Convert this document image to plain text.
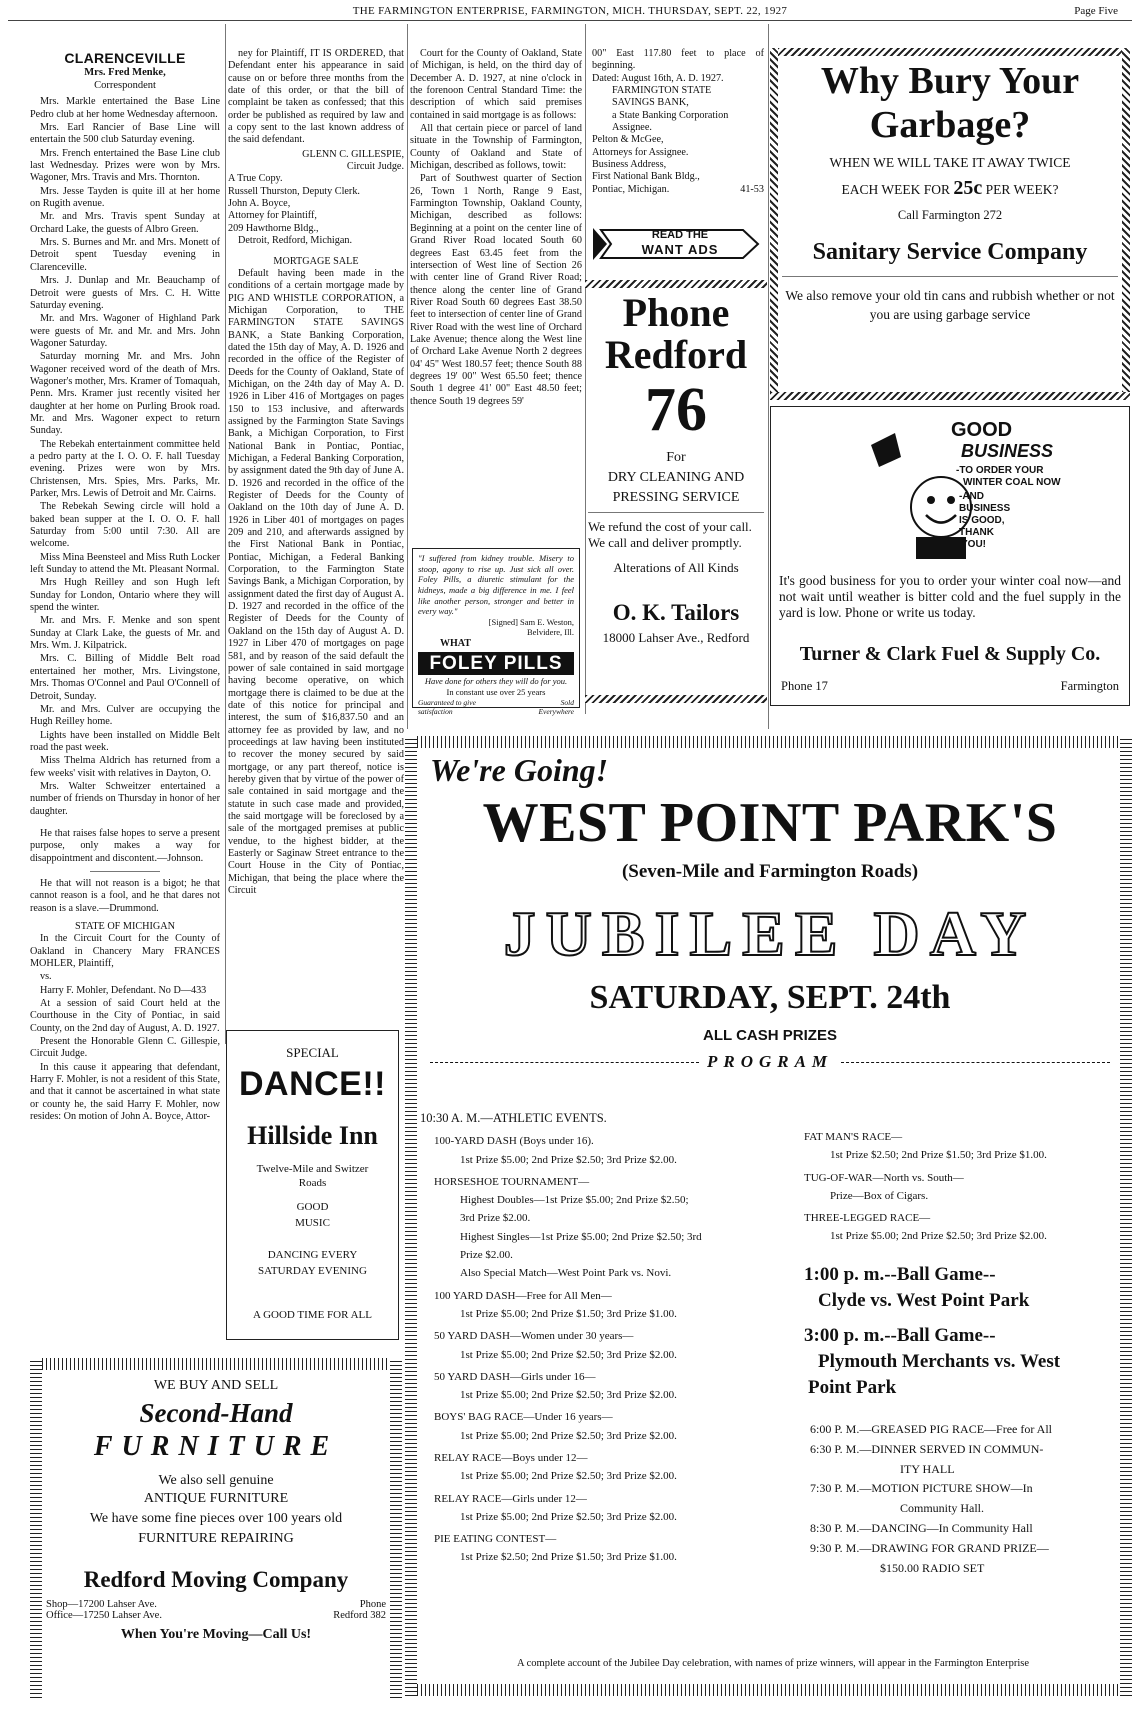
THE FARMINGTON ENTERPRISE, FARMINGTON, MICH. THURSDAY, SEPT. 22, 1927	Page Five
CLARENCEVILLE
Mrs. Fred Menke,
Correspondent

Mrs. Markle entertained the Base Line Pedro club at her home Wednesday afternoon.

Mrs. Earl Rancier of Base Line will entertain the 500 club Saturday evening.

Mrs. French entertained the Base Line club last Wednesday. Prizes were won by Mrs. Wagoner, Mrs. Travis and Mrs. Thornton.

Mrs. Jesse Tayden is quite ill at her home on Rugith avenue.

Mr. and Mrs. Travis spent Sunday at Orchard Lake, the guests of Albro Green.

Mrs. S. Burnes and Mr. and Mrs. Monett of Detroit spent Tuesday evening in Clarenceville.

Mrs. J. Dunlap and Mr. Beauchamp of Detroit were guests of Mrs. C. H. Witte Saturday evening.

Mr. and Mrs. Wagoner of Highland Park were guests of Mr. and Mr. and Mrs. John Wagoner Saturday.

Saturday morning Mr. and Mrs. John Wagoner received word of the death of Mrs. Wagoner's mother, Mrs. Kramer of Tomaquah, Penn. Mrs. Kramer just recently visited her daughter at her home on Purling Brook road. Mr. and Mrs. Wagoner expect to return Sunday.

The Rebekah entertainment committee held a pedro party at the I. O. O. F. hall Tuesday evening. Prizes were won by Mrs. Christensen, Mrs. Spies, Mrs. Parks, Mr. Parker, Mrs. Lewis of Detroit and Mr. Cairns.

The Rebekah Sewing circle will hold a baked bean supper at the I. O. O. F. hall Saturday from 5:00 until 7:30. All are welcome.

Miss Mina Beensteel and Miss Ruth Locker left Sunday to attend the Mt. Pleasant Normal.

Mrs Hugh Reilley and son Hugh left Sunday for London, Ontario where they will spend the winter.

Mr. and Mrs. F. Menke and son spent Sunday at Clark Lake, the guests of Mr. and Mrs. Wm. J. Kilpatrick.

Mrs. C. Billing of Middle Belt road entertained her mother, Mrs. Livingstone, Mrs. Thomas O'Connel and Paul O'Connell of Detroit, Sunday.

Mr. and Mrs. Culver are occupying the Hugh Reilley home.

Lights have been installed on Middle Belt road the past week.

Miss Thelma Aldrich has returned from a few weeks' visit with relatives in Dayton, O.

Mrs. Walter Schweitzer entertained a number of friends on Thursday in honor of her daughter.

He that raises false hopes to serve a present purpose, only makes a way for disappointment and discontent.—Johnson.

He that will not reason is a bigot; he that cannot reason is a fool, and he that dares not reason is a slave.—Drummond.

STATE OF MICHIGAN

In the Circuit Court for the County of Oakland in Chancery Mary FRANCES MOHLER, Plaintiff,

vs.

Harry F. Mohler, Defendant. No D—433

At a session of said Court held at the Courthouse in the City of Pontiac, in said County, on the 2nd day of August, A. D. 1927.

Present the Honorable Glenn C. Gillespie, Circuit Judge.

In this cause it appearing that defendant, Harry F. Mohler, is not a resident of this State, and that it cannot be ascertained in what state or county he, the said Harry F. Mohler, now resides: On motion of John A. Boyce, Attor-

ney for Plaintiff, IT IS ORDERED, that Defendant enter his appearance in said cause on or before three months from the date of this order, or that the bill of complaint be taken as confessed; that this order be published as required by law and a copy sent to the last known address of the said defendant.

GLENN C. GILLESPIE,
Circuit Judge.
A True Copy.
Russell Thurston, Deputy Clerk.
John A. Boyce,
Attorney for Plaintiff,
209 Hawthorne Bldg.,
Detroit, Redford, Michigan.
MORTGAGE SALE

Default having been made in the conditions of a certain mortgage made by PIG AND WHISTLE CORPORATION, a Michigan Corporation, to THE FARMINGTON STATE SAVINGS BANK, a State Banking Corporation, dated the 15th day of May, A. D. 1926 and recorded in the office of the Register of Deeds for the County of Oakland, State of Michigan, on the 24th day of May A. D. 1926 in Liber 416 of Mortgages on pages 150 to 153 inclusive, and afterwards assigned by the Farmington State Savings Bank, a Michigan Corporation, to First National Bank in Pontiac, Pontiac, Michigan, a Federal Banking Corporation, by assignment dated the 9th day of June A. D. 1926 and recorded in the office of the Register of Deeds for the County of Oakland on the 10th day of June A. D. 1926 in Liber 401 of mortgages on pages 209 and 210, and afterwards assigned by the First National Bank in Pontiac, Pontiac, Michigan, a Federal Banking Corporation, to the Farmington State Savings Bank, a Michigan Corporation, by assignment dated the first day of August A. D. 1927 and recorded in the office of the Register of Deeds for the County of Oakland on the 15th day of August A. D. 1927 in Liber 470 of mortgages on page 581, and by reason of the said default the power of sale contained in said mortgage having become operative, on which mortgage there is claimed to be due at the date of this notice for principal and interest, the sum of $16,837.50 and an attorney fee as provided by law, and no proceedings at law having been instituted to recover the money secured by said mortgage, or any part thereof, notice is hereby given that by virtue of the power of sale contained in said mortgage and the statute in such case made and provided, the said mortgage will be foreclosed by a sale of the mortgaged premises at public vendue, to the highest bidder, at the Easterly or Saginaw Street entrance to the Court House in the City of Pontiac, Michigan, that being the place where the Circuit

Court for the County of Oakland, State of Michigan, is held, on the third day of December A. D. 1927, at nine o'clock in the forenoon Central Standard Time: the description of which said premises contained in said mortgage is as follows:

All that certain piece or parcel of land situate in the Township of Farmington, County of Oakland and State of Michigan, described as follows, towit:

Part of Southwest quarter of Section 26, Town 1 North, Range 9 East, Farmington Township, Oakland County, Michigan, described as follows: Beginning at a point on the center line of Grand River Road located South 60 degrees East 63.45 feet from the intersection of West line of Section 26 with center line of Grand River Road; thence along the center line of Grand River Road South 60 degrees East 38.50 feet to intersection of center line of Grand River Road with the west line of Orchard Lake Avenue; thence along the West line of Orchard Lake Avenue North 2 degrees 04' 45" West 180.57 feet; thence South 88 degrees 19' 00" West 65.50 feet; thence South 1 degree 41' 00" East 48.50 feet; thence South 19 degrees 59'

00" East 117.80 feet to place of beginning.
Dated: August 16th, A. D. 1927.
FARMINGTON STATE
SAVINGS BANK,
a State Banking Corporation
Assignee.
Pelton & McGee,
Attorneys for Assignee.
Business Address,
First National Bank Bldg.,
Pontiac, Michigan.	41-53
READ THE
WANT ADS
"I suffered from kidney trouble. Misery to stoop, agony to rise up. Just sick all over. Foley Pills, a diuretic stimulant for the kidneys, made a big difference in me. I feel like another person, stronger and better in every way."
[Signed] Sam E. Weston,
Belvidere, Ill.
WHAT
FOLEY PILLS
Have done for others they will do for you.
In constant use over 25 years
Guaranteed to give satisfaction
Sold Everywhere
Phone
Redford
76
For
DRY CLEANING AND
PRESSING SERVICE
We refund the cost of your call. We call and deliver promptly.
Alterations of All Kinds
O. K. Tailors
18000 Lahser Ave., Redford
Why Bury Your
Garbage?
WHEN WE WILL TAKE IT AWAY TWICE
EACH WEEK FOR 25c PER WEEK?
Call Farmington 272
Sanitary Service Company
We also remove your old tin cans and rubbish whether or not you are using garbage service
GOOD
BUSINESS
-TO ORDER YOUR
WINTER COAL NOW
-AND
BUSINESS
IS GOOD,
THANK
YOU!
It's good business for you to order your winter coal now—and not wait until weather is bitter cold and the fuel supply in the yard is low. Phone or write us today.
Turner & Clark Fuel & Supply Co.
Phone 17	Farmington
SPECIAL
DANCE!!
Hillside Inn
Twelve-Mile and Switzer
Roads
GOOD
MUSIC
DANCING EVERY
SATURDAY EVENING
A GOOD TIME FOR ALL
WE BUY AND SELL
Second-Hand
FURNITURE
We also sell genuine
ANTIQUE FURNITURE
We have some fine pieces over 100 years old
FURNITURE REPAIRING
Redford Moving Company
Shop—17200 Lahser Ave.
Office—17250 Lahser Ave.
Phone
Redford 382
When You're Moving—Call Us!
We're Going!
WEST POINT PARK'S
(Seven-Mile and Farmington Roads)
JUBILEE DAY
SATURDAY, SEPT. 24th
ALL CASH PRIZES
PROGRAM
10:30 A. M.—ATHLETIC EVENTS.
100-YARD DASH (Boys under 16).
1st Prize $5.00; 2nd Prize $2.50; 3rd Prize $2.00.
HORSESHOE TOURNAMENT—
Highest Doubles—1st Prize $5.00; 2nd Prize $2.50;
3rd Prize $2.00.
Highest Singles—1st Prize $5.00; 2nd Prize $2.50; 3rd
Prize $2.00.
Also Special Match—West Point Park vs. Novi.
100 YARD DASH—Free for All Men—
1st Prize $5.00; 2nd Prize $1.50; 3rd Prize $1.00.
50 YARD DASH—Women under 30 years—
1st Prize $5.00; 2nd Prize $2.50; 3rd Prize $2.00.
50 YARD DASH—Girls under 16—
1st Prize $5.00; 2nd Prize $2.50; 3rd Prize $2.00.
BOYS' BAG RACE—Under 16 years—
1st Prize $5.00; 2nd Prize $2.50; 3rd Prize $2.00.
RELAY RACE—Boys under 12—
1st Prize $5.00; 2nd Prize $2.50; 3rd Prize $2.00.
RELAY RACE—Girls under 12—
1st Prize $5.00; 2nd Prize $2.50; 3rd Prize $2.00.
PIE EATING CONTEST—
1st Prize $2.50; 2nd Prize $1.50; 3rd Prize $1.00.
FAT MAN'S RACE—
1st Prize $2.50; 2nd Prize $1.50; 3rd Prize $1.00.
TUG-OF-WAR—North vs. South—
Prize—Box of Cigars.
THREE-LEGGED RACE—
1st Prize $5.00; 2nd Prize $2.50; 3rd Prize $2.00.
1:00 p. m.--Ball Game--
Clyde vs. West Point Park
3:00 p. m.--Ball Game--
Plymouth Merchants vs. West
Point Park
6:00 P. M.—GREASED PIG RACE—Free for All
6:30 P. M.—DINNER SERVED IN COMMUN-
ITY HALL
7:30 P. M.—MOTION PICTURE SHOW—In
Community Hall.
8:30 P. M.—DANCING—In Community Hall
9:30 P. M.—DRAWING FOR GRAND PRIZE—
$150.00 RADIO SET
A complete account of the Jubilee Day celebration, with names of prize winners, will appear in the Farmington Enterprise
